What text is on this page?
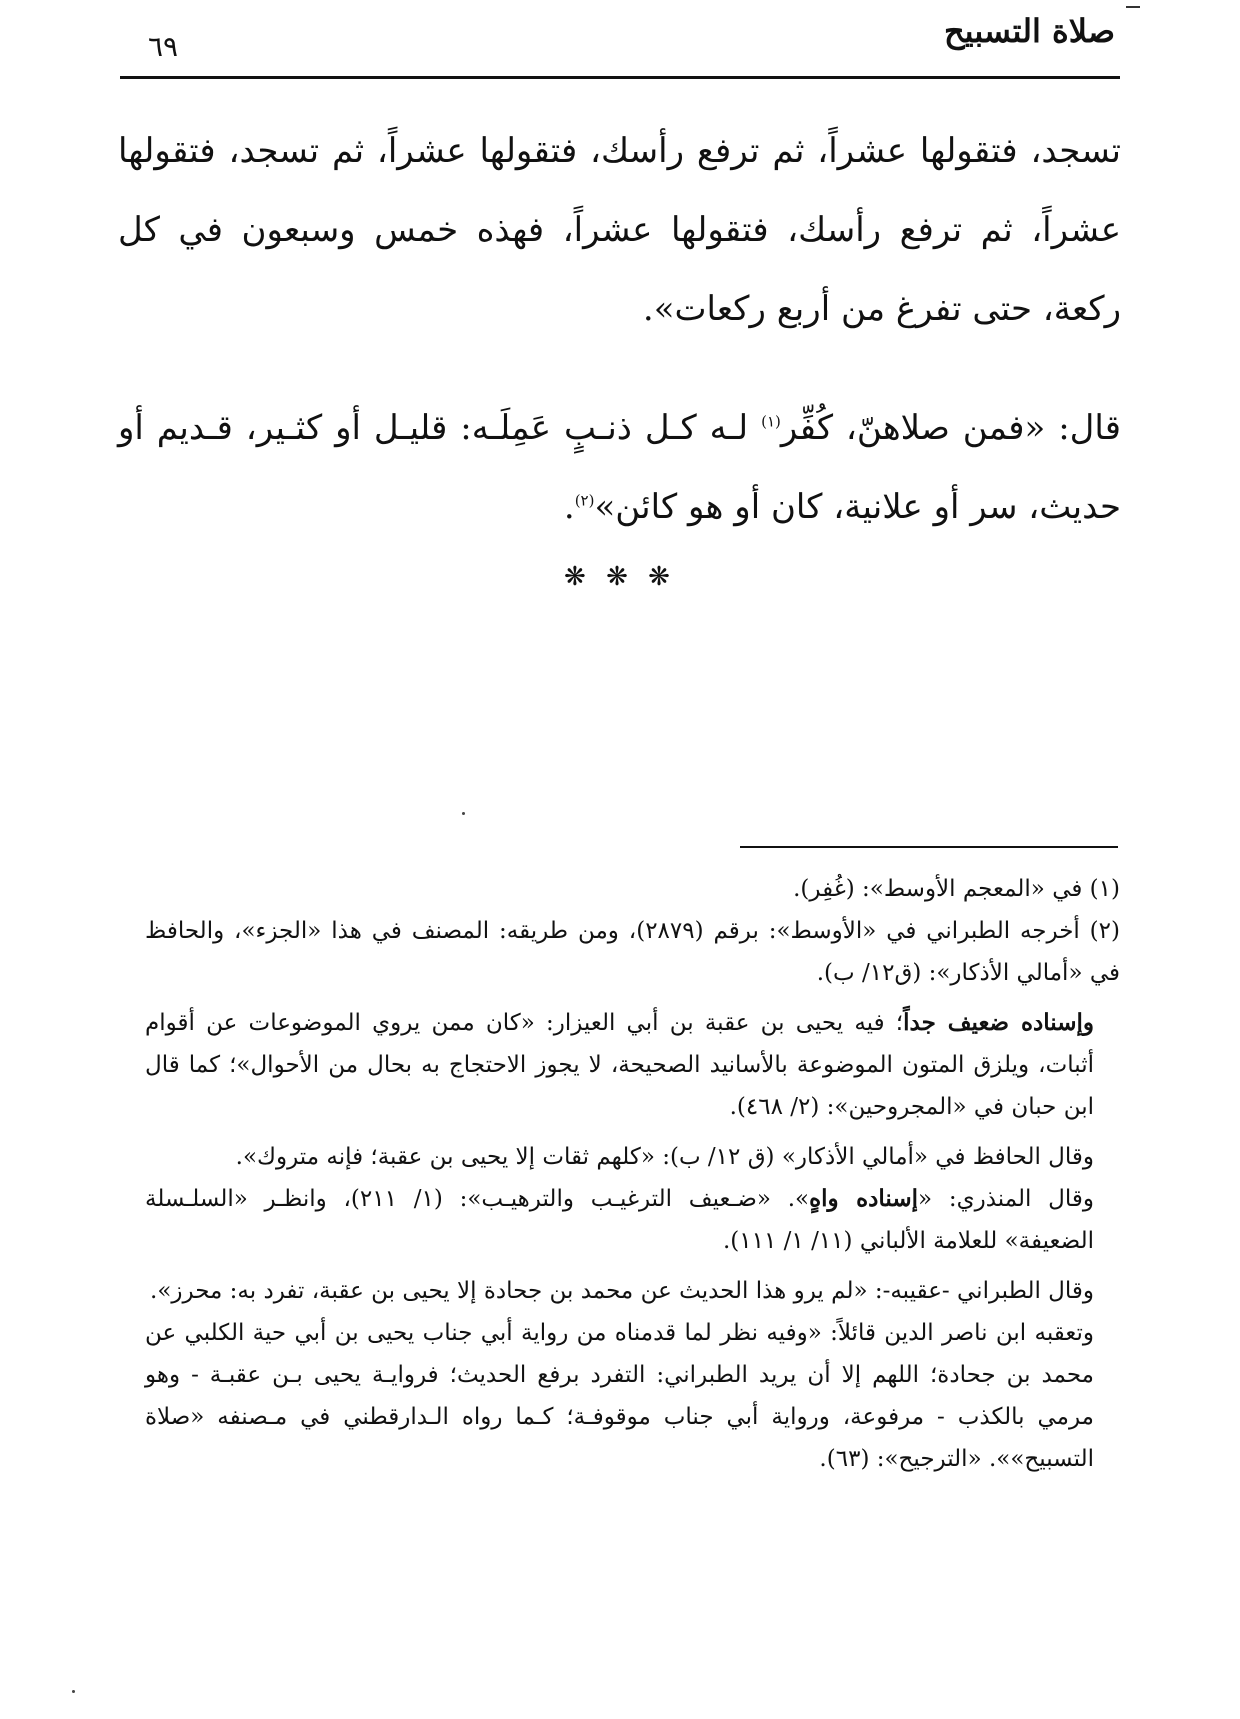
صلاة التسبيح
٦٩

تسجد، فتقولها عشراً، ثم ترفع رأسك، فتقولها عشراً، ثم تسجد، فتقولها عشراً، ثم ترفع رأسك، فتقولها عشراً، فهذه خمس وسبعون في كل ركعة، حتى تفرغ من أربع ركعات».

قال: «فمن صلاهنّ، كُفِّر$^{(١)}$ لـه كـل ذنـبٍ عَمِلَـه: قليـل أو كثـير، قـديم أو حديث، سر أو علانية، كان أو هو كائن»$^{(٢)}$.

❋ ❋ ❋

(١) في «المعجم الأوسط»: (غُفِر).

(٢) أخرجه الطبراني في «الأوسط»: برقم (٢٨٧٩)، ومن طريقه: المصنف في هذا «الجزء»، والحافظ في «أمالي الأذكار»: (ق١٢/ ب).

وإسناده ضعيف جداً؛ فيه يحيى بن عقبة بن أبي العيزار: «كان ممن يروي الموضوعات عن أقوام أثبات، ويلزق المتون الموضوعة بالأسانيد الصحيحة، لا يجوز الاحتجاج به بحال من الأحوال»؛ كما قال ابن حبان في «المجروحين»: (٢/ ٤٦٨).

وقال الحافظ في «أمالي الأذكار» (ق ١٢/ ب): «كلهم ثقات إلا يحيى بن عقبة؛ فإنه متروك».

وقال المنذري: «إسناده واهٍ». «ضـعيف الترغيـب والترهيـب»: (١/ ٢١١)، وانظـر «السلـسلة الضعيفة» للعلامة الألباني (١١/ ١/ ١١١).

وقال الطبراني -عقيبه-: «لم يرو هذا الحديث عن محمد بن جحادة إلا يحيى بن عقبة، تفرد به: محرز».

وتعقبه ابن ناصر الدين قائلاً: «وفيه نظر لما قدمناه من رواية أبي جناب يحيى بن أبي حية الكلبي عن محمد بن جحادة؛ اللهم إلا أن يريد الطبراني: التفرد برفع الحديث؛ فروايـة يحيى بـن عقبـة - وهو مرمي بالكذب - مرفوعة، ورواية أبي جناب موقوفـة؛ كـما رواه الـدارقطني في مـصنفه «صلاة التسبيح»». «الترجيح»: (٦٣).
